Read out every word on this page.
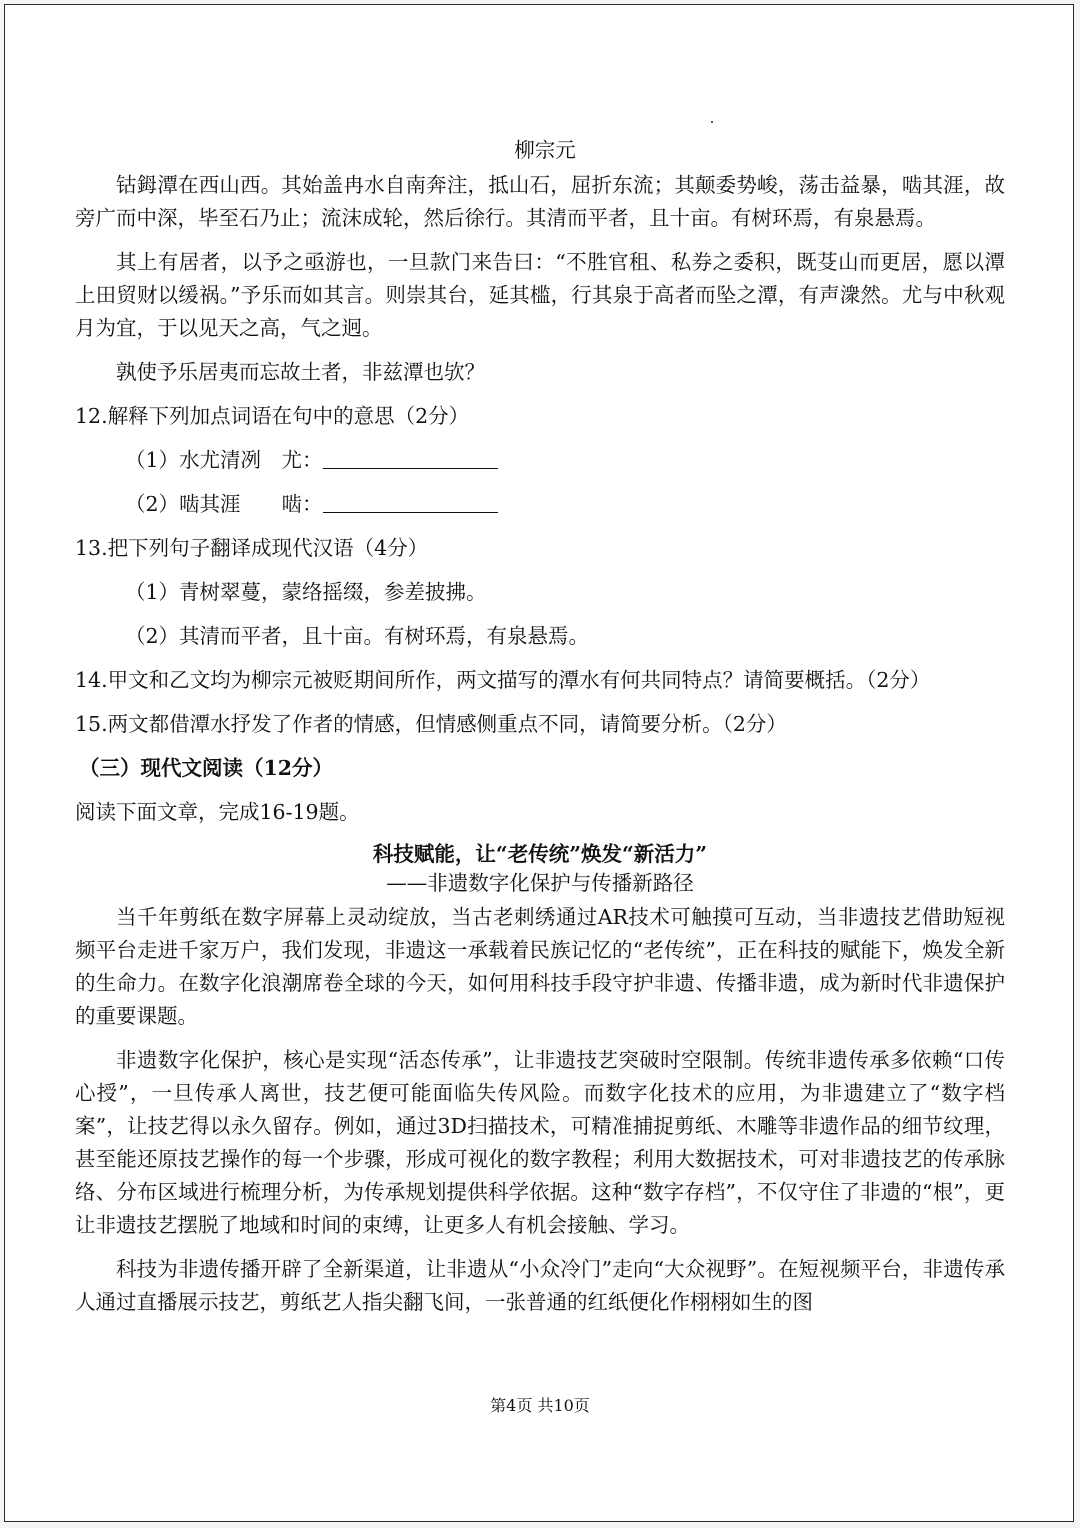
柳宗元

钴鉧潭在西山西。其始盖冉水自南奔注，抵山石，屈折东流；其颠委势峻，荡击益暴，啮其涯，故旁广而中深，毕至石乃止；流沫成轮，然后徐行。其清而平者，且十亩。有树环焉，有泉悬焉。

其上有居者，以予之亟游也，一旦款门来告曰：“不胜官租、私券之委积，既芟山而更居，愿以潭上田贸财以缓祸。”予乐而如其言。则崇其台，延其槛，行其泉于高者而坠之潭，有声潨然。尤与中秋观月为宜，于以见天之高，气之迥。

孰使予乐居夷而忘故土者，非兹潭也欤？

12.解释下列加点词语在句中的意思（2分）

（1）水尤清冽　尤：
（2）啮其涯　　啮：

13.把下列句子翻译成现代汉语（4分）

（1）青树翠蔓，蒙络摇缀，参差披拂。

（2）其清而平者，且十亩。有树环焉，有泉悬焉。

14.甲文和乙文均为柳宗元被贬期间所作，两文描写的潭水有何共同特点？请简要概括。（2分）

15.两文都借潭水抒发了作者的情感，但情感侧重点不同，请简要分析。（2分）

（三）现代文阅读（12分）

阅读下面文章，完成16-19题。

科技赋能，让“老传统”焕发“新活力”

——非遗数字化保护与传播新路径

当千年剪纸在数字屏幕上灵动绽放，当古老刺绣通过AR技术可触摸可互动，当非遗技艺借助短视频平台走进千家万户，我们发现，非遗这一承载着民族记忆的“老传统”，正在科技的赋能下，焕发全新的生命力。在数字化浪潮席卷全球的今天，如何用科技手段守护非遗、传播非遗，成为新时代非遗保护的重要课题。

非遗数字化保护，核心是实现“活态传承”，让非遗技艺突破时空限制。传统非遗传承多依赖“口传心授”，一旦传承人离世，技艺便可能面临失传风险。而数字化技术的应用，为非遗建立了“数字档案”，让技艺得以永久留存。例如，通过3D扫描技术，可精准捕捉剪纸、木雕等非遗作品的细节纹理，甚至能还原技艺操作的每一个步骤，形成可视化的数字教程；利用大数据技术，可对非遗技艺的传承脉络、分布区域进行梳理分析，为传承规划提供科学依据。这种“数字存档”，不仅守住了非遗的“根”，更让非遗技艺摆脱了地域和时间的束缚，让更多人有机会接触、学习。

科技为非遗传播开辟了全新渠道，让非遗从“小众冷门”走向“大众视野”。在短视频平台，非遗传承人通过直播展示技艺，剪纸艺人指尖翻飞间，一张普通的红纸便化作栩栩如生的图

第4页 共10页
